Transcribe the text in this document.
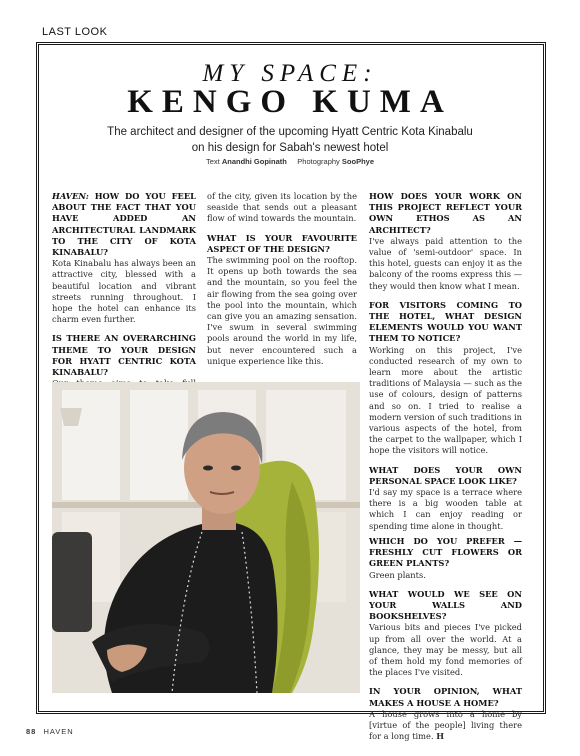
LAST LOOK
MY SPACE:
KENGO KUMA
The architect and designer of the upcoming Hyatt Centric Kota Kinabalu on his design for Sabah's newest hotel
Text Anandhi Gopinath Photography SooPhye
HAVEN: HOW DO YOU FEEL ABOUT THE FACT THAT YOU HAVE ADDED AN ARCHITECTURAL LANDMARK TO THE CITY OF KOTA KINABALU?
Kota Kinabalu has always been an attractive city, blessed with a beautiful location and vibrant streets running throughout. I hope the hotel can enhance its charm even further.
IS THERE AN OVERARCHING THEME TO YOUR DESIGN FOR HYATT CENTRIC KOTA KINABALU?
of the city, given its location by the seaside that sends out a pleasant flow of wind towards the mountain.
WHAT IS YOUR FAVOURITE ASPECT OF THE DESIGN?
The swimming pool on the rooftop. It opens up both towards the sea and the mountain, so you feel the air flowing from the sea going over the pool into the mountain, which can give you an amazing sensation. I've swum in several swimming pools around the world in my life, but never encountered such a unique experience like this.
HOW DOES YOUR WORK ON THIS PROJECT REFLECT YOUR OWN ETHOS AS AN ARCHITECT?
I've always paid attention to the value of 'semi-outdoor' space. In this hotel, guests can enjoy it as the balcony of the rooms express this — they would then know what I mean.
FOR VISITORS COMING TO THE HOTEL, WHAT DESIGN ELEMENTS WOULD YOU WANT THEM TO NOTICE?
Working on this project, I've conducted research of my own to learn more about the artistic traditions of Malaysia — such as the use of colours, design of patterns and so on. I tried to realise a modern version of such traditions in various aspects of the hotel, from the carpet to the wallpaper, which I hope the visitors will notice.
WHAT DOES YOUR OWN PERSONAL SPACE LOOK LIKE?
I'd say my space is a terrace where there is a big wooden table at which I can enjoy reading or spending time alone in thought.
WHICH DO YOU PREFER — FRESHLY CUT FLOWERS OR GREEN PLANTS?
Green plants.
WHAT WOULD WE SEE ON YOUR WALLS AND BOOKSHELVES?
Various bits and pieces I've picked up from all over the world. At a glance, they may be messy, but all of them hold my fond memories of the places I've visited.
IN YOUR OPINION, WHAT MAKES A HOUSE A HOME?
A house grows into a home by [virtue of the people] living there for a long time. H
88 HAVEN
